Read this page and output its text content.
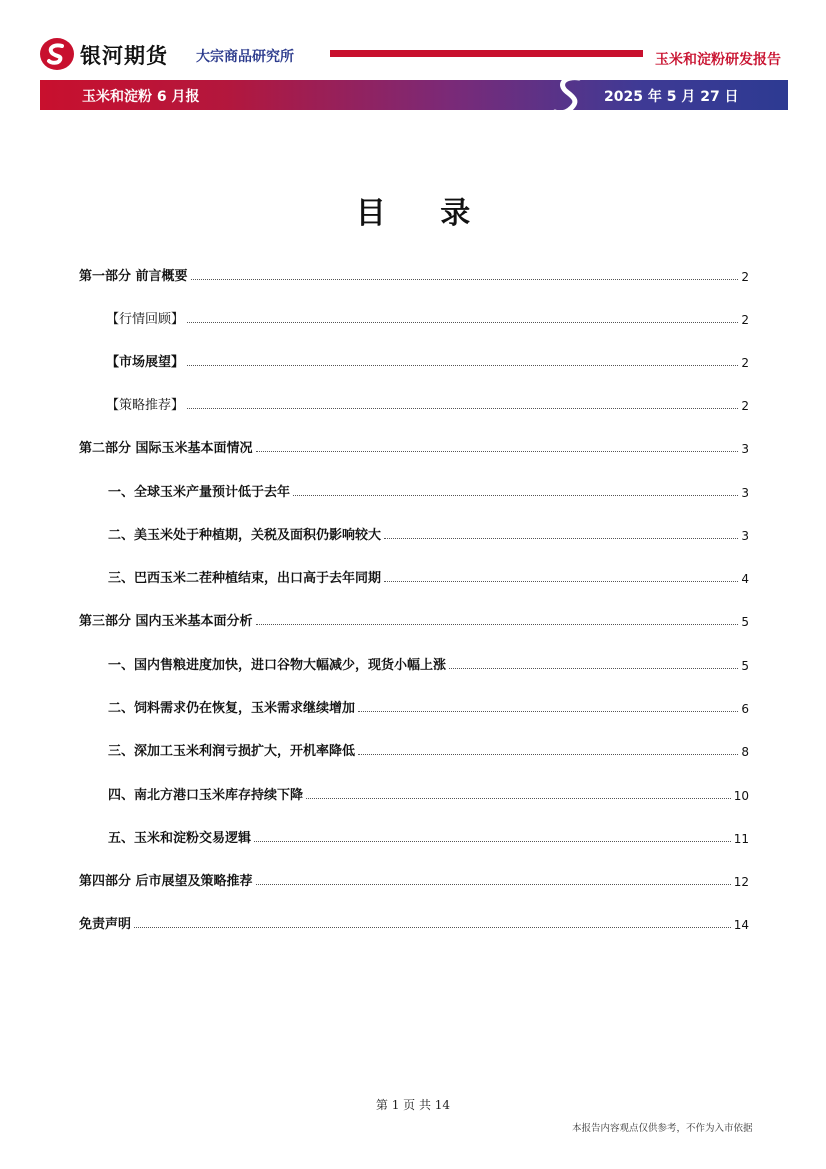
银河期货 大宗商品研究所	玉米和淀粉研发报告
玉米和淀粉 6 月报	2025 年 5 月 27 日
目 录
第一部分 前言概要	2
【行情回顾】	2
【市场展望】	2
【策略推荐】	2
第二部分 国际玉米基本面情况	3
一、全球玉米产量预计低于去年	3
二、美玉米处于种植期，关税及面积仍影响较大	3
三、巴西玉米二茬种植结束，出口高于去年同期	4
第三部分 国内玉米基本面分析	5
一、国内售粮进度加快，进口谷物大幅减少，现货小幅上涨	5
二、饲料需求仍在恢复，玉米需求继续增加	6
三、深加工玉米利润亏损扩大，开机率降低	8
四、南北方港口玉米库存持续下降	10
五、玉米和淀粉交易逻辑	11
第四部分 后市展望及策略推荐	12
免责声明	14
第 1 页 共 14
本报告内容观点仅供参考，不作为入市依据
